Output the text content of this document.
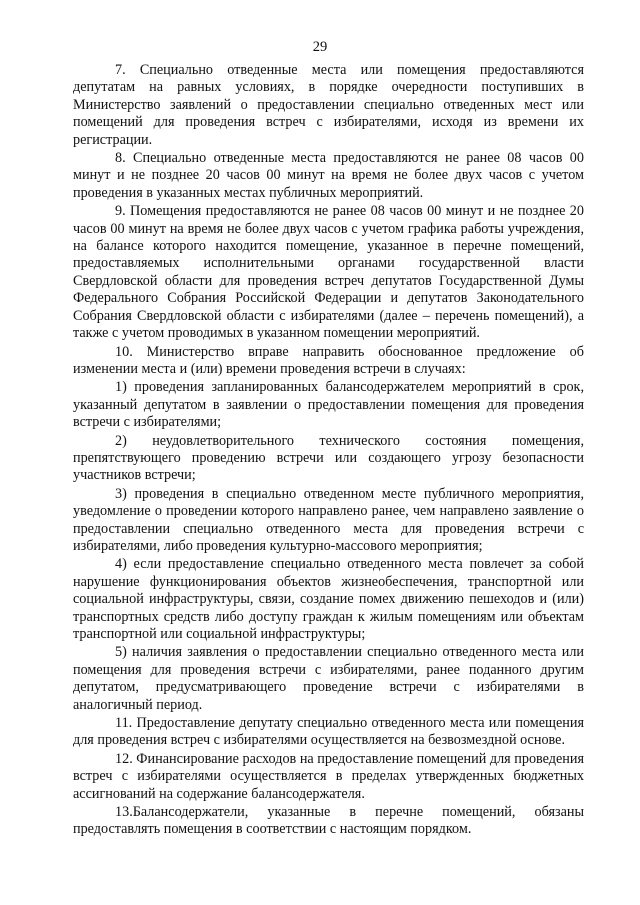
29

7. Специально отведенные места или помещения предоставляются депутатам на равных условиях, в порядке очередности поступивших в Министерство заявлений о предоставлении специально отведенных мест или помещений для проведения встреч с избирателями, исходя из времени их регистрации.

8. Специально отведенные места предоставляются не ранее 08 часов 00 минут и не позднее 20 часов 00 минут на время не более двух часов с учетом проведения в указанных местах публичных мероприятий.

9. Помещения предоставляются не ранее 08 часов 00 минут и не позднее 20 часов 00 минут на время не более двух часов с учетом графика работы учреждения, на балансе которого находится помещение, указанное в перечне помещений, предоставляемых исполнительными органами государственной власти Свердловской области для проведения встреч депутатов Государственной Думы Федерального Собрания Российской Федерации и депутатов Законодательного Собрания Свердловской области с избирателями (далее – перечень помещений), а также с учетом проводимых в указанном помещении мероприятий.

10. Министерство вправе направить обоснованное предложение об изменении места и (или) времени проведения встречи в случаях:

1) проведения запланированных балансодержателем мероприятий в срок, указанный депутатом в заявлении о предоставлении помещения для проведения встречи с избирателями;

2) неудовлетворительного технического состояния помещения, препятствующего проведению встречи или создающего угрозу безопасности участников встречи;

3) проведения в специально отведенном месте публичного мероприятия, уведомление о проведении которого направлено ранее, чем направлено заявление о предоставлении специально отведенного места для проведения встречи с избирателями, либо проведения культурно-массового мероприятия;

4) если предоставление специально отведенного места повлечет за собой нарушение функционирования объектов жизнеобеспечения, транспортной или социальной инфраструктуры, связи, создание помех движению пешеходов и (или) транспортных средств либо доступу граждан к жилым помещениям или объектам транспортной или социальной инфраструктуры;

5) наличия заявления о предоставлении специально отведенного места или помещения для проведения встречи с избирателями, ранее поданного другим депутатом, предусматривающего проведение встречи с избирателями в аналогичный период.

11. Предоставление депутату специально отведенного места или помещения для проведения встреч с избирателями осуществляется на безвозмездной основе.

12. Финансирование расходов на предоставление помещений для проведения встреч с избирателями осуществляется в пределах утвержденных бюджетных ассигнований на содержание балансодержателя.

13.Балансодержатели, указанные в перечне помещений, обязаны предоставлять помещения в соответствии с настоящим порядком.
